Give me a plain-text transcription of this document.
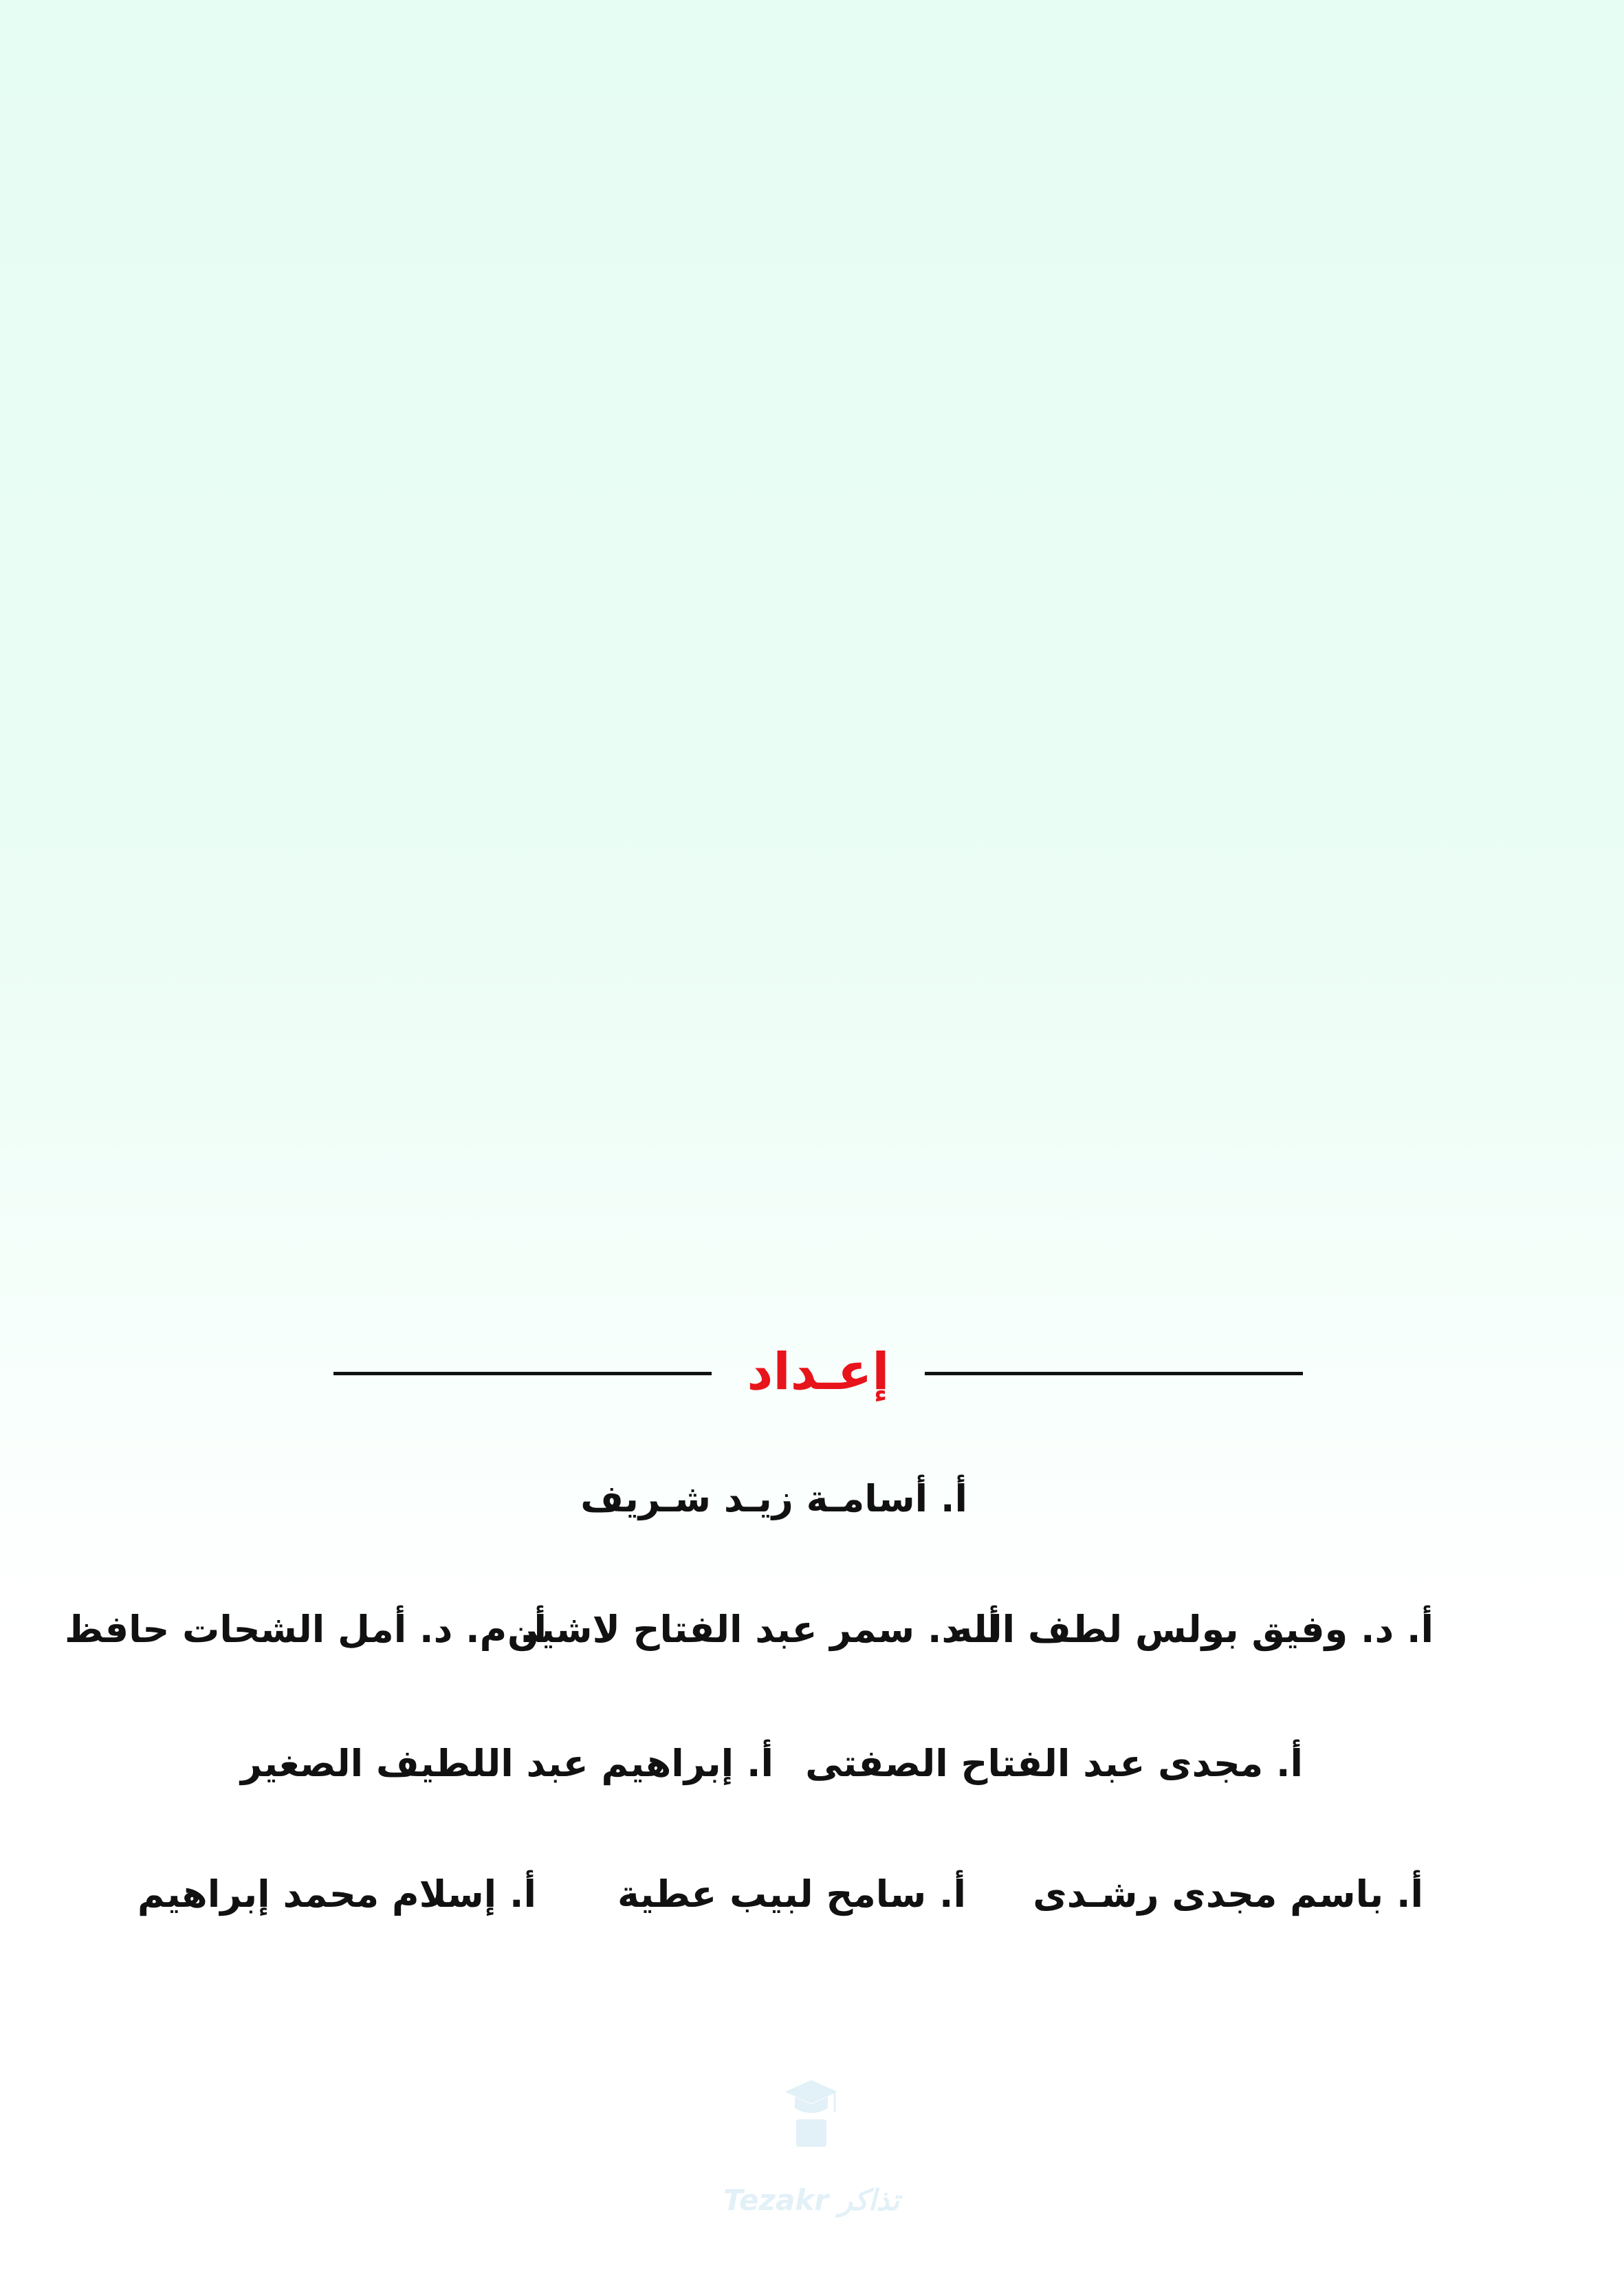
إعـداد
أ. أسامـة زيـد شـريف
أ. د. وفيق بولس لطف الله
أ. د. سمر عبد الفتاح لاشين
أ. م. د. أمل الشحات حافظ
أ. مجدى عبد الفتاح الصفتى
أ. إبراهيم عبد اللطيف الصغير
أ. باسم مجدى رشـدى
أ. سامح لبيب عطية
أ. إسلام محمد إبراهيم
Tezakr تذاكر
